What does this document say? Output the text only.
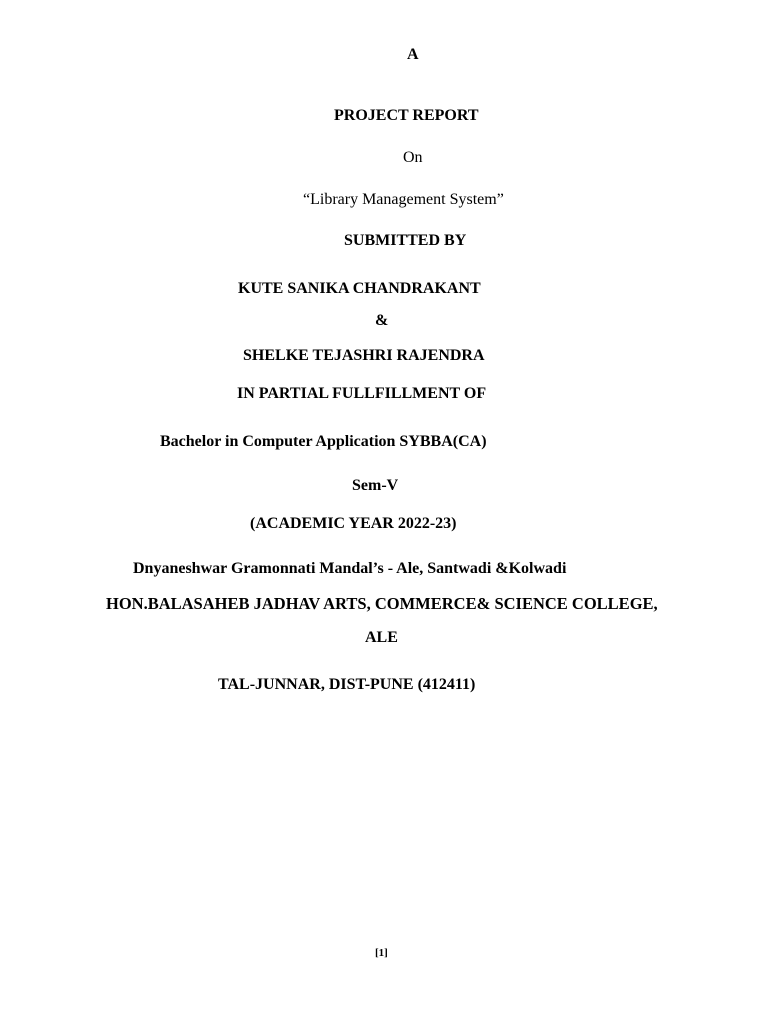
A
PROJECT REPORT
On
“Library Management System”
SUBMITTED BY
KUTE SANIKA CHANDRAKANT
&
SHELKE TEJASHRI RAJENDRA
IN PARTIAL FULLFILLMENT OF
Bachelor in Computer Application SYBBA(CA)
Sem-V
(ACADEMIC YEAR 2022-23)
Dnyaneshwar Gramonnati Mandal’s - Ale, Santwadi &Kolwadi
HON.BALASAHEB JADHAV ARTS, COMMERCE& SCIENCE COLLEGE,
ALE
TAL-JUNNAR, DIST-PUNE (412411)
[1]
